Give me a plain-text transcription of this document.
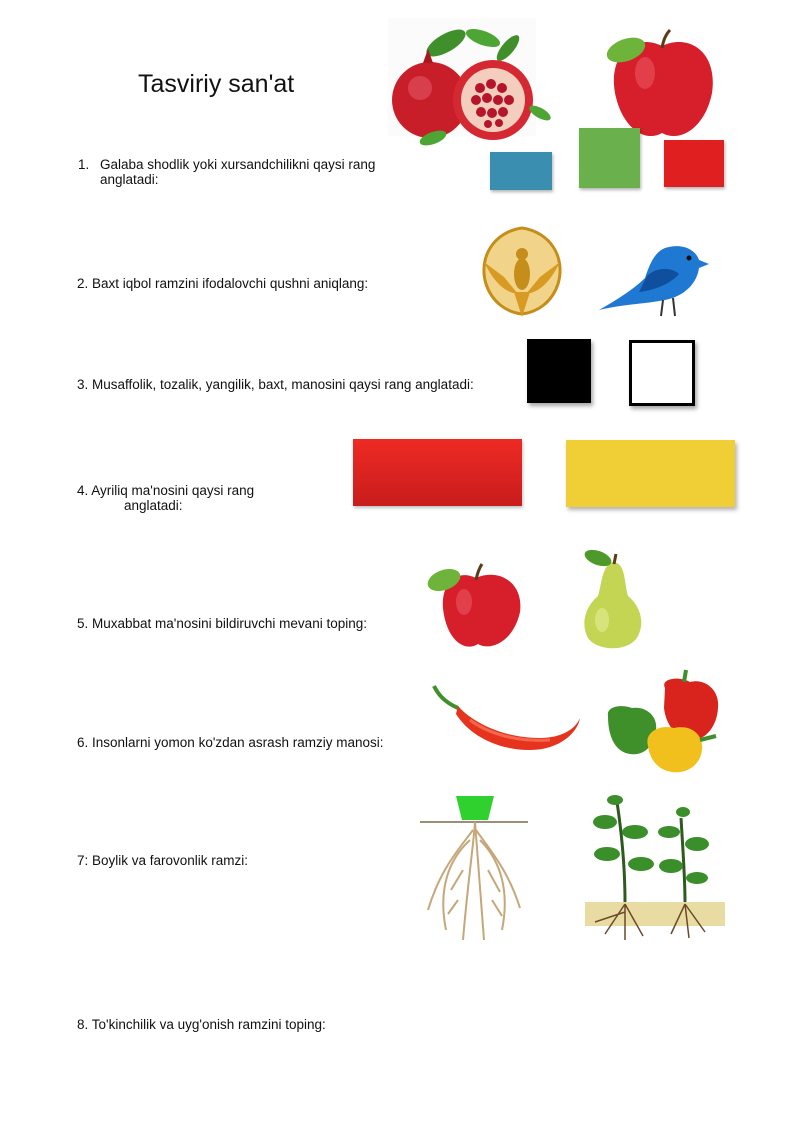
Tasviriy san'at
1. Galaba shodlik yoki xursandchilikni qaysi rang anglatadi:
2. Baxt iqbol ramzini ifodalovchi qushni aniqlang:
3. Musaffolik, tozalik, yangilik, baxt, manosini qaysi rang anglatadi:
4. Ayriliq ma'nosini qaysi rang
anglatadi:
5. Muxabbat ma'nosini bildiruvchi mevani toping:
6. Insonlarni yomon ko'zdan asrash ramziy manosi:
7: Boylik va farovonlik ramzi:
8. To'kinchilik va uyg'onish ramzini toping:
